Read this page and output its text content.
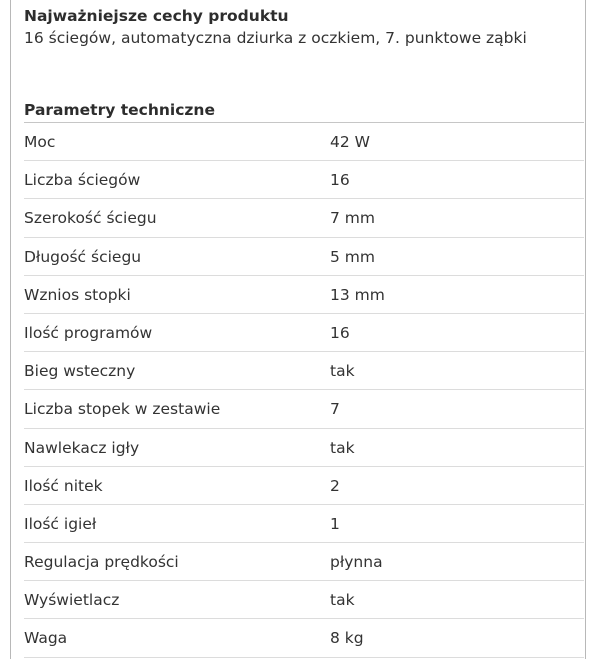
Najważniejsze cechy produktu
16 ściegów, automatyczna dziurka z oczkiem, 7. punktowe ząbki
Parametry techniczne
Moc	42 W
Liczba ściegów	16
Szerokość ściegu	7 mm
Długość ściegu	5 mm
Wznios stopki	13 mm
Ilość programów	16
Bieg wsteczny	tak
Liczba stopek w zestawie	7
Nawlekacz igły	tak
Ilość nitek	2
Ilość igieł	1
Regulacja prędkości	płynna
Wyświetlacz	tak
Waga	8 kg
